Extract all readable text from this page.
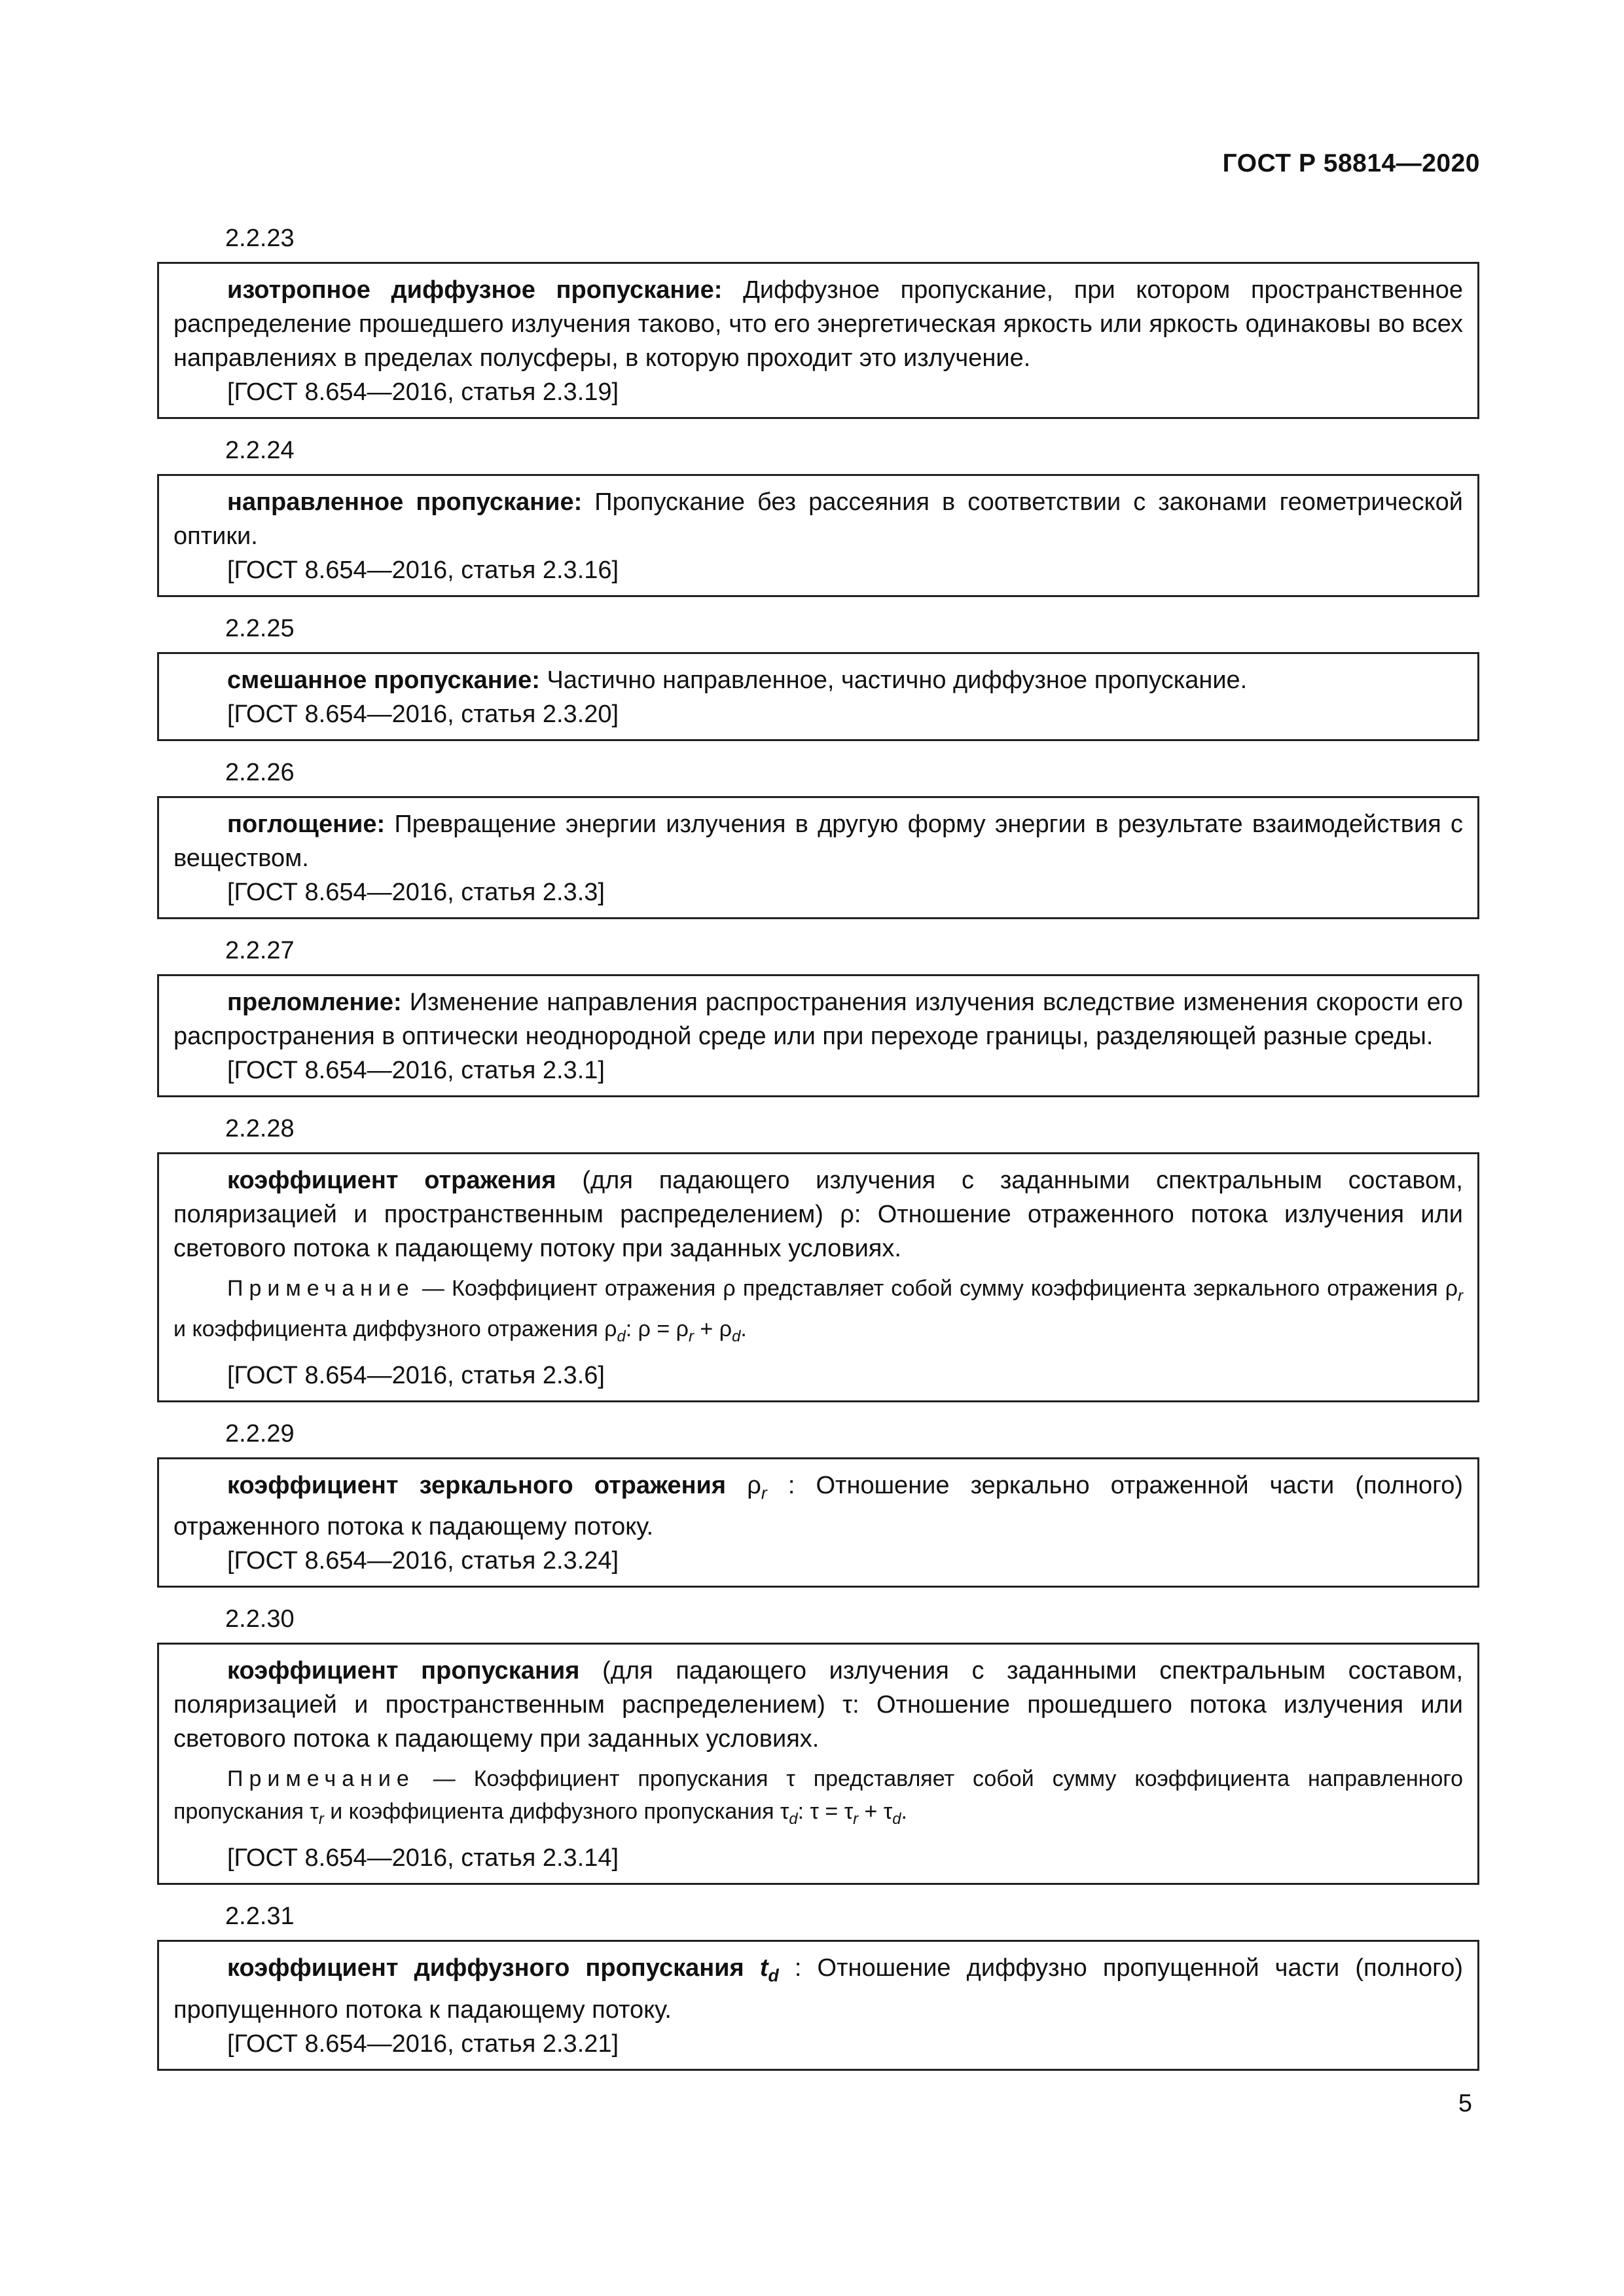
ГОСТ Р 58814—2020
2.2.23

изотропное диффузное пропускание: Диффузное пропускание, при котором пространственное распределение прошедшего излучения таково, что его энергетическая яркость или яркость одинаковы во всех направлениях в пределах полусферы, в которую проходит это излучение.

[ГОСТ 8.654—2016, статья 2.3.19]

2.2.24

направленное пропускание: Пропускание без рассеяния в соответствии с законами геометрической оптики.

[ГОСТ 8.654—2016, статья 2.3.16]

2.2.25

смешанное пропускание: Частично направленное, частично диффузное пропускание.

[ГОСТ 8.654—2016, статья 2.3.20]

2.2.26

поглощение: Превращение энергии излучения в другую форму энергии в результате взаимодействия с веществом.

[ГОСТ 8.654—2016, статья 2.3.3]

2.2.27

преломление: Изменение направления распространения излучения вследствие изменения скорости его распространения в оптически неоднородной среде или при переходе границы, разделяющей разные среды.

[ГОСТ 8.654—2016, статья 2.3.1]

2.2.28

коэффициент отражения (для падающего излучения с заданными спектральным составом, поляризацией и пространственным распределением) ρ: Отношение отраженного потока излучения или светового потока к падающему потоку при заданных условиях.

Примечание — Коэффициент отражения ρ представляет собой сумму коэффициента зеркального отражения $\rho_r$ и коэффициента диффузного отражения $\rho_d$: $\rho = \rho_r + \rho_d$.

[ГОСТ 8.654—2016, статья 2.3.6]

2.2.29

коэффициент зеркального отражения $\rho_r$ : Отношение зеркально отраженной части (полного) отраженного потока к падающему потоку.

[ГОСТ 8.654—2016, статья 2.3.24]

2.2.30

коэффициент пропускания (для падающего излучения с заданными спектральным составом, поляризацией и пространственным распределением) τ: Отношение прошедшего потока излучения или светового потока к падающему при заданных условиях.

Примечание — Коэффициент пропускания τ представляет собой сумму коэффициента направленного пропускания $\tau_r$ и коэффициента диффузного пропускания $\tau_d$: $\tau = \tau_r + \tau_d$.

[ГОСТ 8.654—2016, статья 2.3.14]

2.2.31

коэффициент диффузного пропускания $t_d$ : Отношение диффузно пропущенной части (полного) пропущенного потока к падающему потоку.

[ГОСТ 8.654—2016, статья 2.3.21]

5
